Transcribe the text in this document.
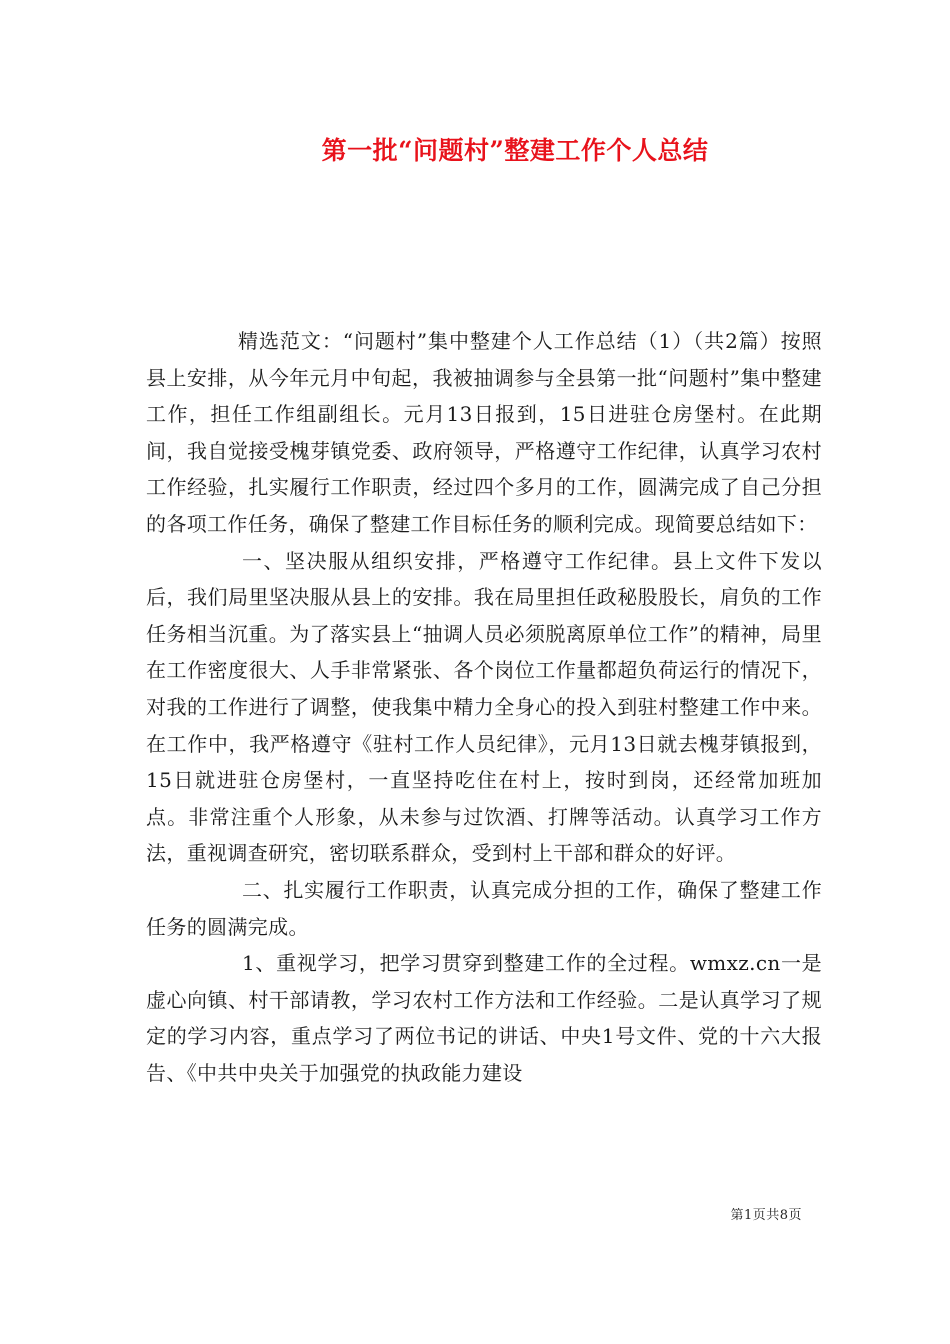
第一批“问题村”整建工作个人总结

精选范文：“问题村”集中整建个人工作总结（1）（共2篇）按照县上安排，从今年元月中旬起，我被抽调参与全县第一批“问题村”集中整建工作，担任工作组副组长。元月13日报到，15日进驻仓房堡村。在此期间，我自觉接受槐芽镇党委、政府领导，严格遵守工作纪律，认真学习农村工作经验，扎实履行工作职责，经过四个多月的工作，圆满完成了自己分担的各项工作任务，确保了整建工作目标任务的顺利完成。现简要总结如下：

一、坚决服从组织安排，严格遵守工作纪律。县上文件下发以后，我们局里坚决服从县上的安排。我在局里担任政秘股股长，肩负的工作任务相当沉重。为了落实县上“抽调人员必须脱离原单位工作”的精神，局里在工作密度很大、人手非常紧张、各个岗位工作量都超负荷运行的情况下，对我的工作进行了调整，使我集中精力全身心的投入到驻村整建工作中来。在工作中，我严格遵守《驻村工作人员纪律》，元月13日就去槐芽镇报到，15日就进驻仓房堡村，一直坚持吃住在村上，按时到岗，还经常加班加点。非常注重个人形象，从未参与过饮酒、打牌等活动。认真学习工作方法，重视调查研究，密切联系群众，受到村上干部和群众的好评。

二、扎实履行工作职责，认真完成分担的工作，确保了整建工作任务的圆满完成。

1、重视学习，把学习贯穿到整建工作的全过程。wmxz.cn一是虚心向镇、村干部请教，学习农村工作方法和工作经验。二是认真学习了规定的学习内容，重点学习了两位书记的讲话、中央1号文件、党的十六大报告、《中共中央关于加强党的执政能力建设

第1页共8页
